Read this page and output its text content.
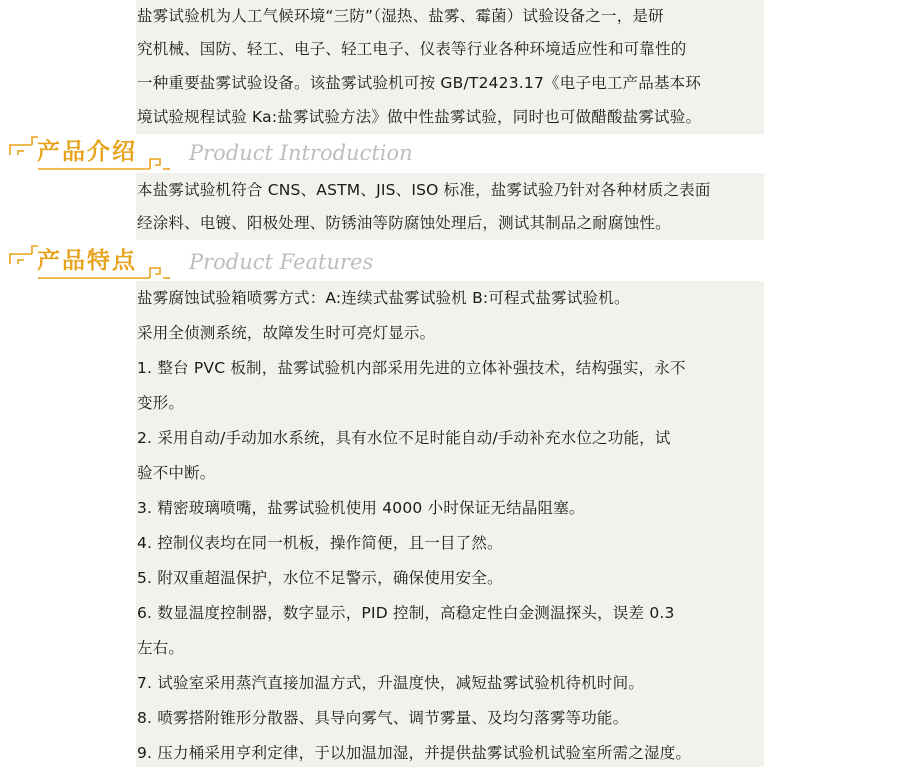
盐雾试验机为人工气候环境“三防”（湿热、盐雾、霉菌）试验设备之一，是研
究机械、国防、轻工、电子、轻工电子、仪表等行业各种环境适应性和可靠性的
一种重要盐雾试验设备。该盐雾试验机可按 GB/T2423.17《电子电工产品基本环
境试验规程试验 Ka:盐雾试验方法》做中性盐雾试验，同时也可做醋酸盐雾试验。
产品介绍 Product Introduction
本盐雾试验机符合 CNS、ASTM、JIS、ISO 标准，盐雾试验乃针对各种材质之表面
经涂料、电镀、阳极处理、防锈油等防腐蚀处理后，测试其制品之耐腐蚀性。
产品特点 Product Features
盐雾腐蚀试验箱喷雾方式：A:连续式盐雾试验机 B:可程式盐雾试验机。
采用全侦测系统，故障发生时可亮灯显示。
1. 整台 PVC 板制，盐雾试验机内部采用先进的立体补强技术，结构强实，永不
变形。
2. 采用自动/手动加水系统，具有水位不足时能自动/手动补充水位之功能，试
验不中断。
3. 精密玻璃喷嘴，盐雾试验机使用 4000 小时保证无结晶阻塞。
4. 控制仪表均在同一机板，操作简便，且一目了然。
5. 附双重超温保护，水位不足警示，确保使用安全。
6. 数显温度控制器，数字显示，PID 控制，高稳定性白金测温探头，误差 0.3
左右。
7. 试验室采用蒸汽直接加温方式，升温度快，减短盐雾试验机待机时间。
8. 喷雾搭附锥形分散器、具导向雾气、调节雾量、及均匀落雾等功能。
9. 压力桶采用亨利定律，于以加温加湿，并提供盐雾试验机试验室所需之湿度。
